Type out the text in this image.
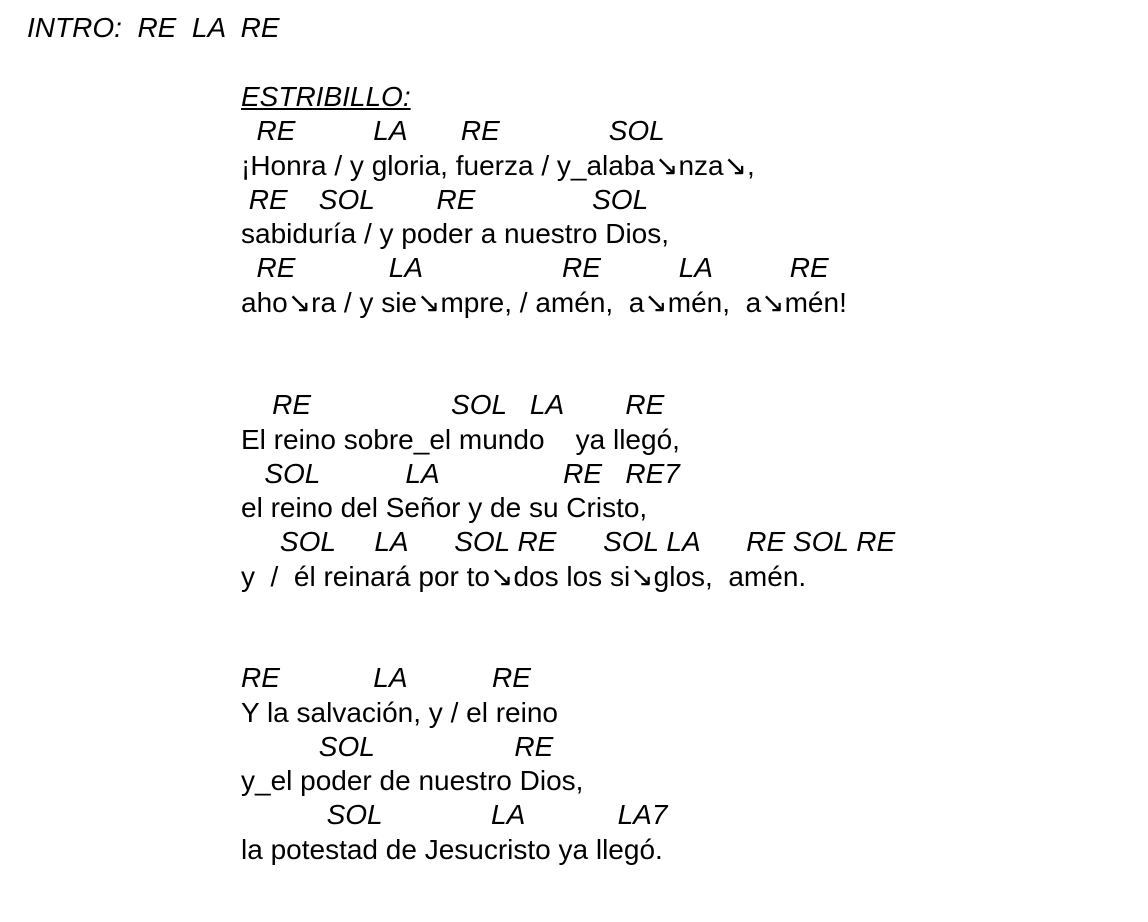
INTRO:  RE  LA  RE
ESTRIBILLO:
RE          LA       RE              SOL
¡Honra / y gloria, fuerza / y_alaba↘nza↘,
RE    SOL        RE               SOL
sabiduría / y poder a nuestro Dios,
RE            LA                  RE          LA          RE
aho↘ra / y sie↘mpre, / amén,  a↘mén,  a↘mén!
RE                  SOL   LA        RE
El reino sobre_el mundo    ya llegó,
SOL           LA                RE   RE7
el reino del Señor y de su Cristo,
SOL     LA      SOL RE      SOL LA      RE SOL RE
y  /  él reinará por to↘dos los si↘glos,  amén.
RE            LA           RE
Y la salvación, y / el reino
SOL                  RE
y_el poder de nuestro Dios,
SOL              LA            LA7
la potestad de Jesucristo ya llegó.
